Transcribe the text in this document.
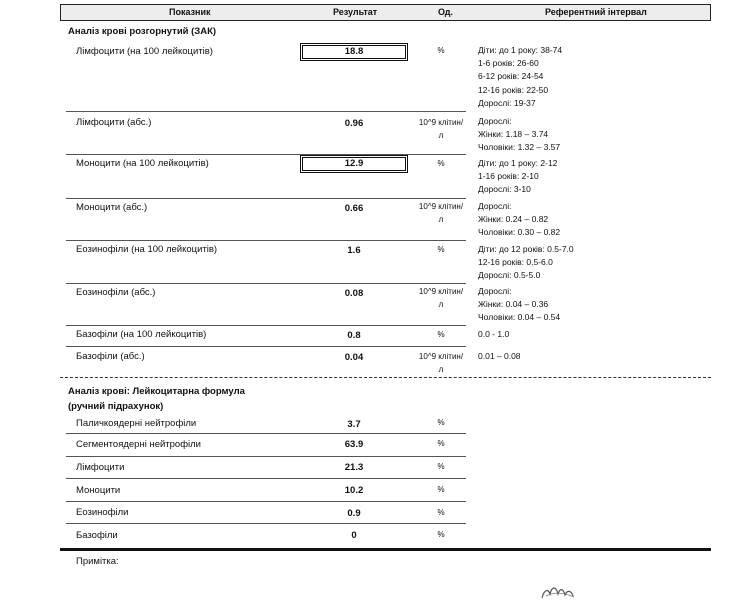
Показник	Результат	Од.	Референтний інтервал
Аналіз крові розгорнутий (ЗАК)
Лімфоцити (на 100 лейкоцитів)	18.8	%	Діти: до 1 року: 38-74
1-6 років: 26-60
6-12 років: 24-54
12-16 років: 22-50
Дорослі: 19-37
Лімфоцити (абс.)	0.96	10^9 клітин/л
Дорослі:
Жінки: 1.18 – 3.74
Чоловіки: 1.32 – 3.57
Моноцити (на 100 лейкоцитів)	12.9	%	Діти: до 1 року: 2-12
1-16 років: 2-10
Дорослі: 3-10
Моноцити (абс.)	0.66	10^9 клітин/л
Дорослі:
Жінки: 0.24 – 0.82
Чоловіки: 0.30 – 0.82
Еозинофіли (на 100 лейкоцитів)	1.6	%	Діти: до 12 років: 0.5-7.0
12-16 років: 0.5-6.0
Дорослі: 0.5-5.0
Еозинофіли (абс.)	0.08	10^9 клітин/л
Дорослі:
Жінки: 0.04 – 0.36
Чоловіки: 0.04 – 0.54
Базофіли (на 100 лейкоцитів)	0.8	%	0.0 - 1.0
Базофіли (абс.)	0.04	10^9 клітин/л
0.01 – 0.08
Аналіз крові: Лейкоцитарна формула
(ручний підрахунок)
Паличкоядерні нейтрофіли	3.7	%
Сегментоядерні нейтрофіли	63.9	%
Лімфоцити	21.3	%
Моноцити	10.2	%
Еозинофіли	0.9	%
Базофіли	0	%
Примітка:
